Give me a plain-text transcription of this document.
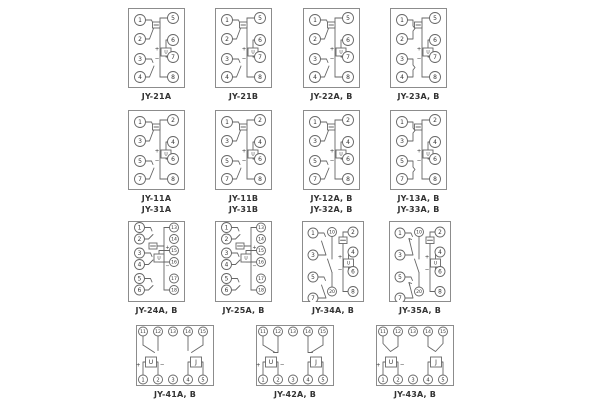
U
+
−
1
2
3
4
5
6
7
8
JY-21A
U
+
−
1
2
3
4
5
6
7
8
JY-21B
U
+
−
1
2
3
4
5
6
7
8
JY-22A, B
U
+
−
1
2
3
4
5
6
7
8
JY-23A, B
U
+
−
1
3
5
7
2
4
6
8
JY-11A
JY-31A
U
+
−
1
3
5
7
2
4
6
8
JY-11B
JY-31B
U
+
−
1
3
5
7
2
4
6
8
JY-12A, B
JY-32A, B
U
+
−
1
3
5
7
2
4
6
8
JY-13A, B
JY-33A, B
U
+
−
1
2
3
4
5
6
13
14
15
16
17
18
JY-24A, B
U
+
−
1
2
3
4
5
6
13
14
15
16
17
18
JY-25A, B
U
+
−
1
3
5
7
2
4
6
8
10
20
JY-34A, B
U
+
−
1
3
5
7
2
4
6
8
10
20
JY-35A, B
U	J
+	−
11 12 13 14 15
1 2 3 4 5
JY-41A, B
U	J
+	−
11 12 13 14 15
1 2 3 4 5
JY-42A, B
U	J
+	−
11 12 13 14 15
1 2 3 4 5
JY-43A, B
